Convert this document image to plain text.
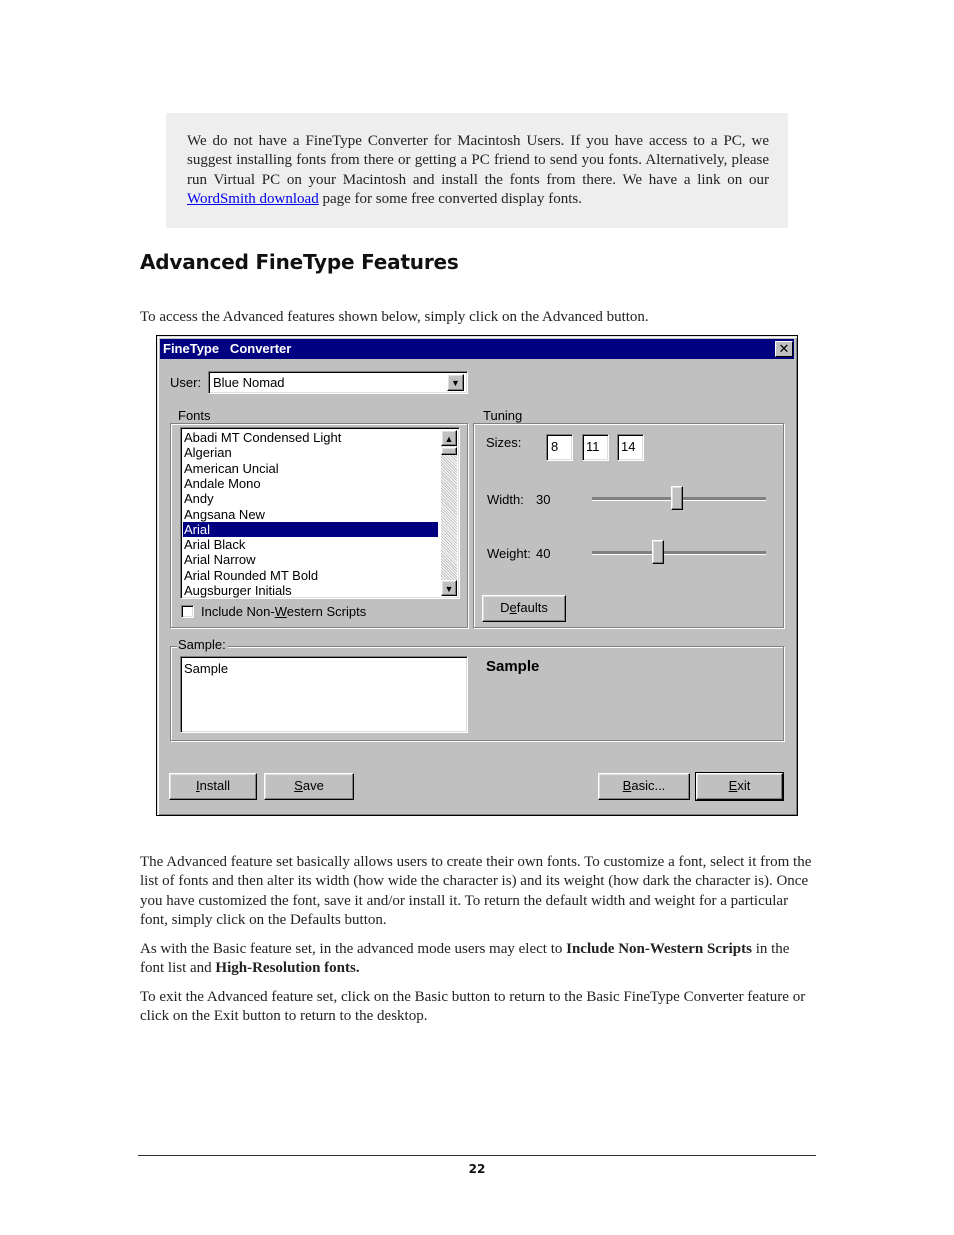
We do not have a FineType Converter for Macintosh Users. If you have access to a PC, we suggest installing fonts from there or getting a PC friend to send you fonts. Alternatively, please run Virtual PC on your Macintosh and install the fonts from there. We have a link on our WordSmith download page for some free converted display fonts.
Advanced FineType Features
To access the Advanced features shown below, simply click on the Advanced button.
FineType   Converter	✕
User: Blue Nomad	▼
Fonts
Abadi MT Condensed Light
Algerian
American Uncial
Andale Mono
Andy
Angsana New
Arial
Arial Black
Arial Narrow
Arial Rounded MT Bold
Augsburger Initials
▲
▼
Include Non-Western Scripts
Tuning
Sizes: 8 11 14
Width: 30
Weight: 40
Defaults
Sample:
Sample	Sample
Install	Save	Basic...	Exit
The Advanced feature set basically allows users to create their own fonts. To customize a font, select it from the list of fonts and then alter its width (how wide the character is) and its weight (how dark the character is). Once you have customized the font, save it and/or install it. To return the default width and weight for a particular font, simply click on the Defaults button.
As with the Basic feature set, in the advanced mode users may elect to Include Non-Western Scripts in the font list and High-Resolution fonts.
To exit the Advanced feature set, click on the Basic button to return to the Basic FineType Converter feature or click on the Exit button to return to the desktop.
22
